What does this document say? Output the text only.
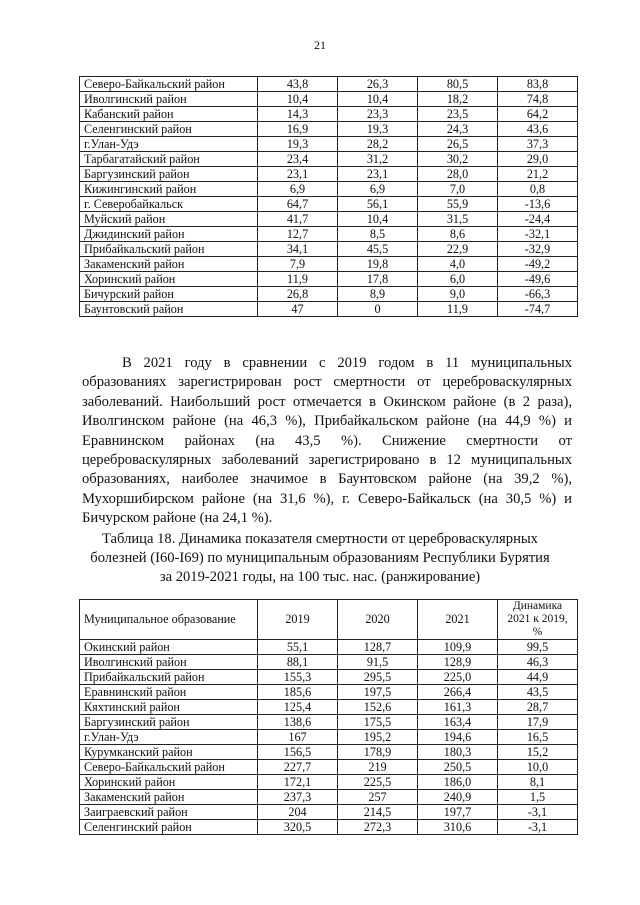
21
Северо-Байкальский район	43,8	26,3	80,5	83,8
Иволгинский район	10,4	10,4	18,2	74,8
Кабанский район	14,3	23,3	23,5	64,2
Селенгинский район	16,9	19,3	24,3	43,6
г.Улан-Удэ	19,3	28,2	26,5	37,3
Тарбагатайский район	23,4	31,2	30,2	29,0
Баргузинский район	23,1	23,1	28,0	21,2
Кижингинский район	6,9	6,9	7,0	0,8
г. Северобайкальск	64,7	56,1	55,9	-13,6
Муйский район	41,7	10,4	31,5	-24,4
Джидинский район	12,7	8,5	8,6	-32,1
Прибайкальский район	34,1	45,5	22,9	-32,9
Закаменский район	7,9	19,8	4,0	-49,2
Хоринский район	11,9	17,8	6,0	-49,6
Бичурский район	26,8	8,9	9,0	-66,3
Баунтовский район	47	0	11,9	-74,7
В 2021 году в сравнении с 2019 годом в 11 муниципальных образованиях зарегистрирован рост смертности от цереброваскулярных заболеваний. Наибольший рост отмечается в Окинском районе (в 2 раза), Иволгинском районе (на 46,3 %), Прибайкальском районе (на 44,9 %) и Еравнинском районах (на 43,5 %). Снижение смертности от цереброваскулярных заболеваний зарегистрировано в 12 муниципальных образованиях, наиболее значимое в Баунтовском районе (на 39,2 %), Мухоршибирском районе (на 31,6 %), г. Северо-Байкальск (на 30,5 %) и Бичурском районе (на 24,1 %).
Таблица 18. Динамика показателя смертности от цереброваскулярных
болезней (I60-I69) по муниципальным образованиям Республики Бурятия
за 2019-2021 годы, на 100 тыс. нас. (ранжирование)
Муниципальное образование	2019	2020	2021	Динамика 2021 к 2019, %
Окинский район	55,1	128,7	109,9	99,5
Иволгинский район	88,1	91,5	128,9	46,3
Прибайкальский район	155,3	295,5	225,0	44,9
Еравнинский район	185,6	197,5	266,4	43,5
Кяхтинский район	125,4	152,6	161,3	28,7
Баргузинский район	138,6	175,5	163,4	17,9
г.Улан-Удэ	167	195,2	194,6	16,5
Курумканский район	156,5	178,9	180,3	15,2
Северо-Байкальский район	227,7	219	250,5	10,0
Хоринский район	172,1	225,5	186,0	8,1
Закаменский район	237,3	257	240,9	1,5
Заиграевский район	204	214,5	197,7	-3,1
Селенгинский район	320,5	272,3	310,6	-3,1
